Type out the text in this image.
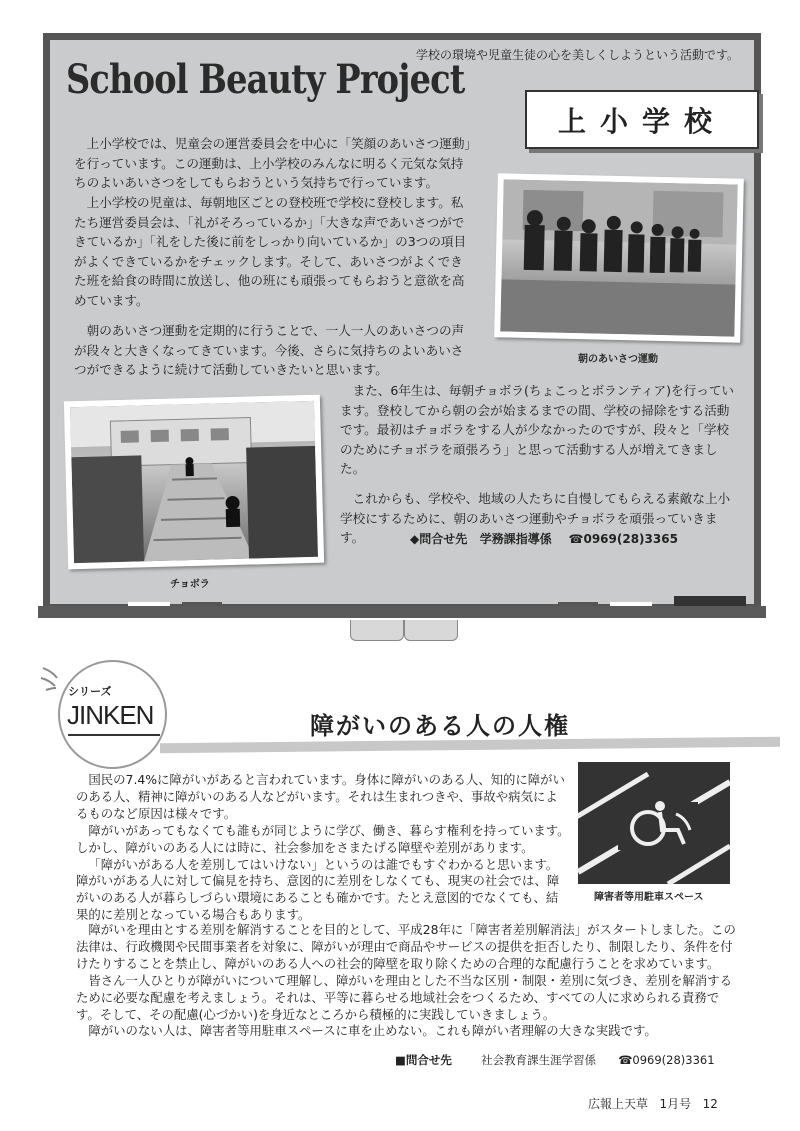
学校の環境や児童生徒の心を美しくしようという活動です。
School Beauty Project
上小学校
上小学校では、児童会の運営委員会を中心に「笑顔のあいさつ運動」を行っています。この運動は、上小学校のみんなに明るく元気な気持ちのよいあいさつをしてもらおうという気持ちで行っています。
上小学校の児童は、毎朝地区ごとの登校班で学校に登校します。私たち運営委員会は、「礼がそろっているか」「大きな声であいさつができているか」「礼をした後に前をしっかり向いているか」の3つの項目がよくできているかをチェックします。そして、あいさつがよくできた班を給食の時間に放送し、他の班にも頑張ってもらおうと意欲を高めています。
朝のあいさつ運動を定期的に行うことで、一人一人のあいさつの声が段々と大きくなってきています。今後、さらに気持ちのよいあいさつができるように続けて活動していきたいと思います。
また、6年生は、毎朝チョボラ(ちょこっとボランティア)を行っています。登校してから朝の会が始まるまでの間、学校の掃除をする活動です。最初はチョボラをする人が少なかったのですが、段々と「学校のためにチョボラを頑張ろう」と思って活動する人が増えてきました。
これからも、学校や、地域の人たちに自慢してもらえる素敵な上小学校にするために、朝のあいさつ運動やチョボラを頑張っていきます。
朝のあいさつ運動
チョボラ
◆問合せ先 学務課指導係 ☎0969(28)3365
シリーズ
JINKEN	障がいのある人の人権

国民の7.4%に障がいがあると言われています。身体に障がいのある人、知的に障がいのある人、精神に障がいのある人などがいます。それは生まれつきや、事故や病気によるものなど原因は様々です。

障がいがあってもなくても誰もが同じように学び、働き、暮らす権利を持っています。しかし、障がいのある人には時に、社会参加をさまたげる障壁や差別があります。

「障がいがある人を差別してはいけない」というのは誰でもすぐわかると思います。障がいがある人に対して偏見を持ち、意図的に差別をしなくても、現実の社会では、障がいのある人が暮らしづらい環境にあることも確かです。たとえ意図的でなくても、結果的に差別となっている場合もあります。

障がいを理由とする差別を解消することを目的として、平成28年に「障害者差別解消法」がスタートしました。この法律は、行政機関や民間事業者を対象に、障がいが理由で商品やサービスの提供を拒否したり、制限したり、条件を付けたりすることを禁止し、障がいのある人への社会的障壁を取り除くための合理的な配慮行うことを求めています。

皆さん一人ひとりが障がいについて理解し、障がいを理由とした不当な区別・制限・差別に気づき、差別を解消するために必要な配慮を考えましょう。それは、平等に暮らせる地域社会をつくるため、すべての人に求められる責務です。そして、その配慮(心づかい)を身近なところから積極的に実践していきましょう。

障がいのない人は、障害者等用駐車スペースに車を止めない。これも障がい者理解の大きな実践です。

障害者等用駐車スペース
■問合せ先	社会教育課生涯学習係 ☎0969(28)3361
広報上天草 1月号 12
